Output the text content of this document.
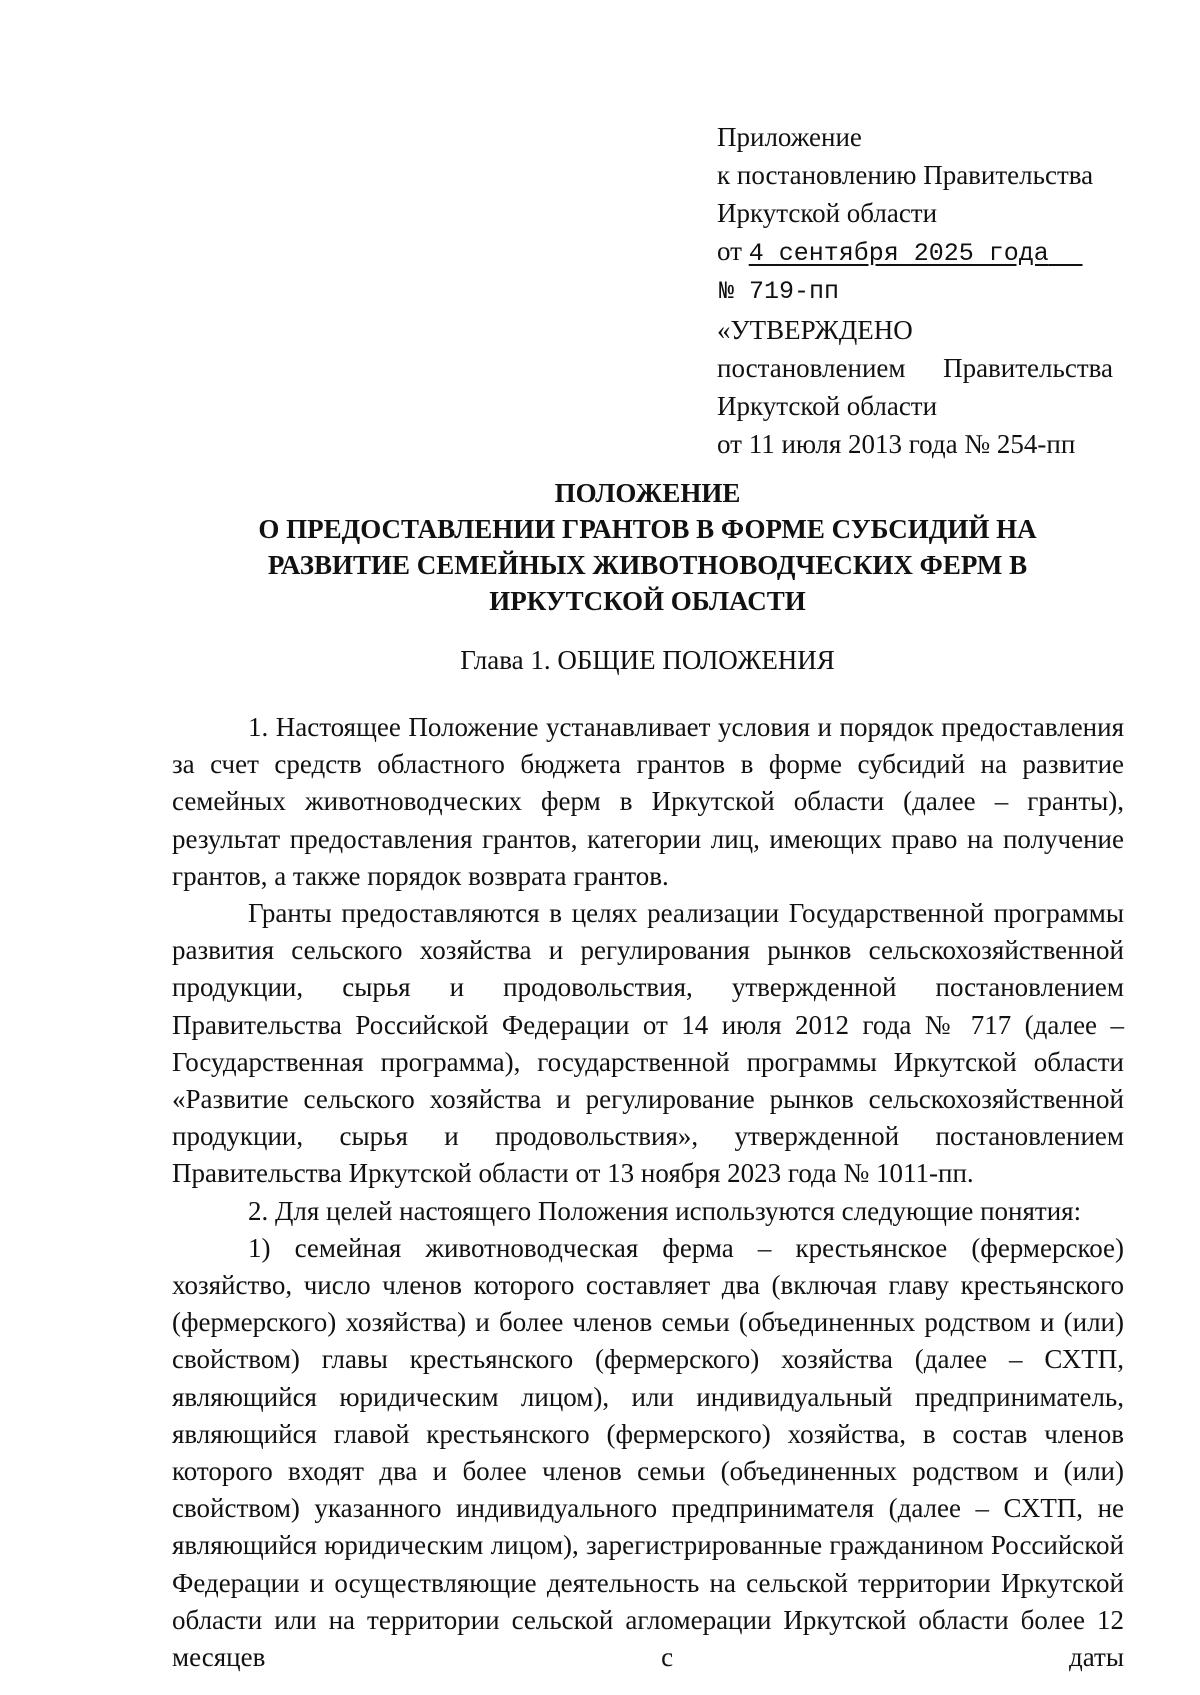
Приложение
к постановлению Правительства
Иркутской области
от 4 сентября 2025 года
№ 719-пп
«УТВЕРЖДЕНО
постановлением Правительства
Иркутской области
от 11 июля 2013 года № 254-пп
ПОЛОЖЕНИЕ
О ПРЕДОСТАВЛЕНИИ ГРАНТОВ В ФОРМЕ СУБСИДИЙ НА
РАЗВИТИЕ СЕМЕЙНЫХ ЖИВОТНОВОДЧЕСКИХ ФЕРМ В
ИРКУТСКОЙ ОБЛАСТИ
Глава 1. ОБЩИЕ ПОЛОЖЕНИЯ

1. Настоящее Положение устанавливает условия и порядок предоставления за счет средств областного бюджета грантов в форме субсидий на развитие семейных животноводческих ферм в Иркутской области (далее – гранты), результат предоставления грантов, категории лиц, имеющих право на получение грантов, а также порядок возврата грантов.

Гранты предоставляются в целях реализации Государственной программы развития сельского хозяйства и регулирования рынков сельскохозяйственной продукции, сырья и продовольствия, утвержденной постановлением Правительства Российской Федерации от 14 июля 2012 года № 717 (далее – Государственная программа), государственной программы Иркутской области «Развитие сельского хозяйства и регулирование рынков сельскохозяйственной продукции, сырья и продовольствия», утвержденной постановлением Правительства Иркутской области от 13 ноября 2023 года № 1011-пп.

2. Для целей настоящего Положения используются следующие понятия:

1) семейная животноводческая ферма – крестьянское (фермерское) хозяйство, число членов которого составляет два (включая главу крестьянского (фермерского) хозяйства) и более членов семьи (объединенных родством и (или) свойством) главы крестьянского (фермерского) хозяйства (далее – СХТП, являющийся юридическим лицом), или индивидуальный предприниматель, являющийся главой крестьянского (фермерского) хозяйства, в состав членов которого входят два и более членов семьи (объединенных родством и (или) свойством) указанного индивидуального предпринимателя (далее – СХТП, не являющийся юридическим лицом), зарегистрированные гражданином Российской Федерации и осуществляющие деятельность на сельской территории Иркутской области или на территории сельской агломерации Иркутской области более 12 месяцев с даты
